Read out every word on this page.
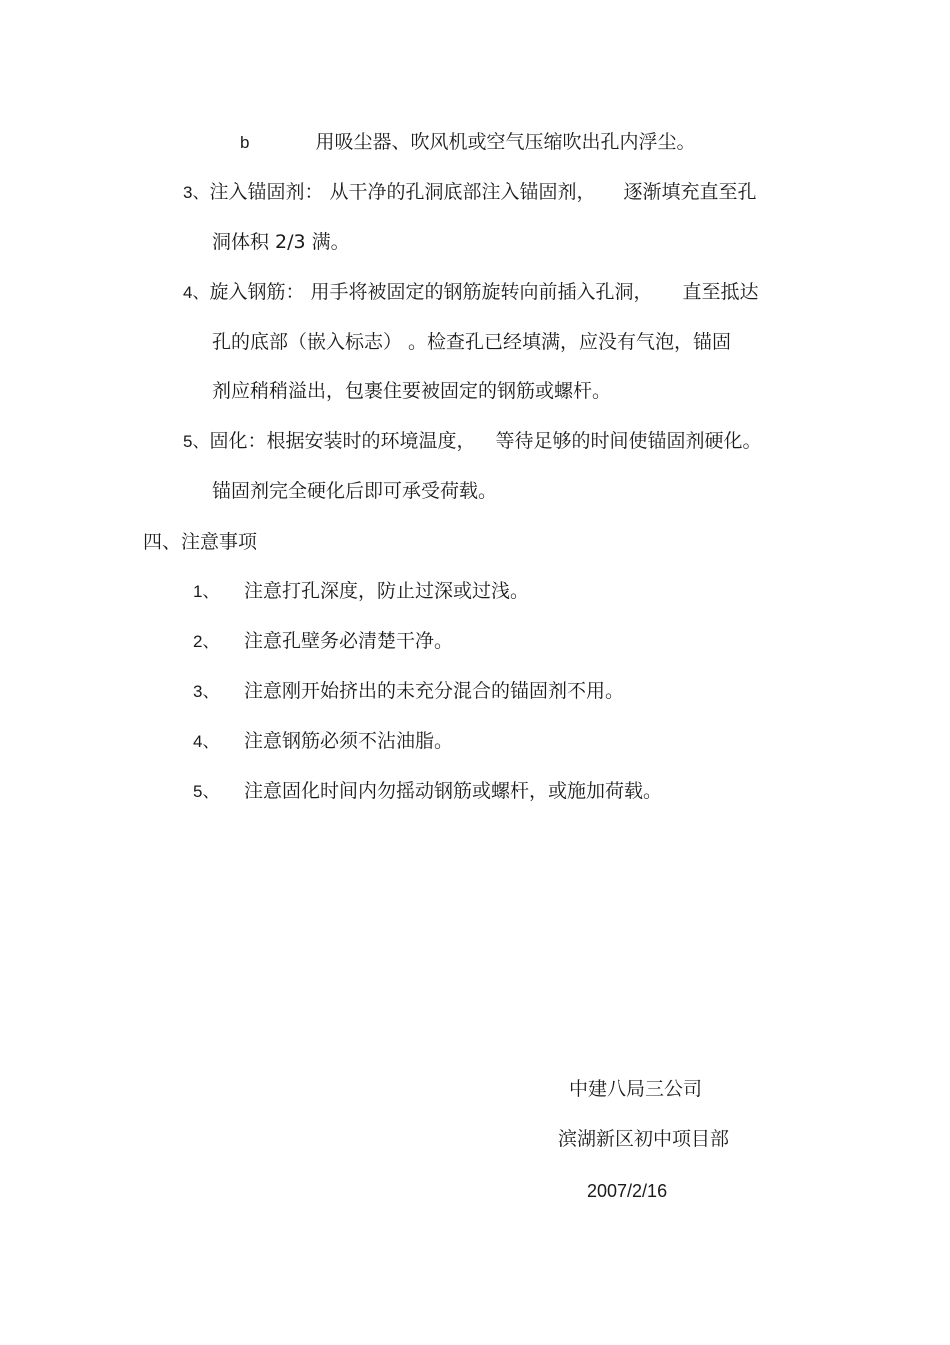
b	用吸尘器、吹风机或空气压缩吹出孔内浮尘。
3、注入锚固剂： 从干净的孔洞底部注入锚固剂， 逐渐填充直至孔
洞体积 2/3 满。
4、旋入钢筋： 用手将被固定的钢筋旋转向前插入孔洞， 直至抵达
孔的底部（嵌入标志） 。检查孔已经填满，应没有气泡，锚固
剂应稍稍溢出，包裹住要被固定的钢筋或螺杆。
5、固化：根据安装时的环境温度， 等待足够的时间使锚固剂硬化。
锚固剂完全硬化后即可承受荷载。
四、注意事项
1、 注意打孔深度，防止过深或过浅。
2、 注意孔壁务必清楚干净。
3、 注意刚开始挤出的未充分混合的锚固剂不用。
4、 注意钢筋必须不沾油脂。
5、 注意固化时间内勿摇动钢筋或螺杆，或施加荷载。
中建八局三公司
滨湖新区初中项目部
2007/2/16
